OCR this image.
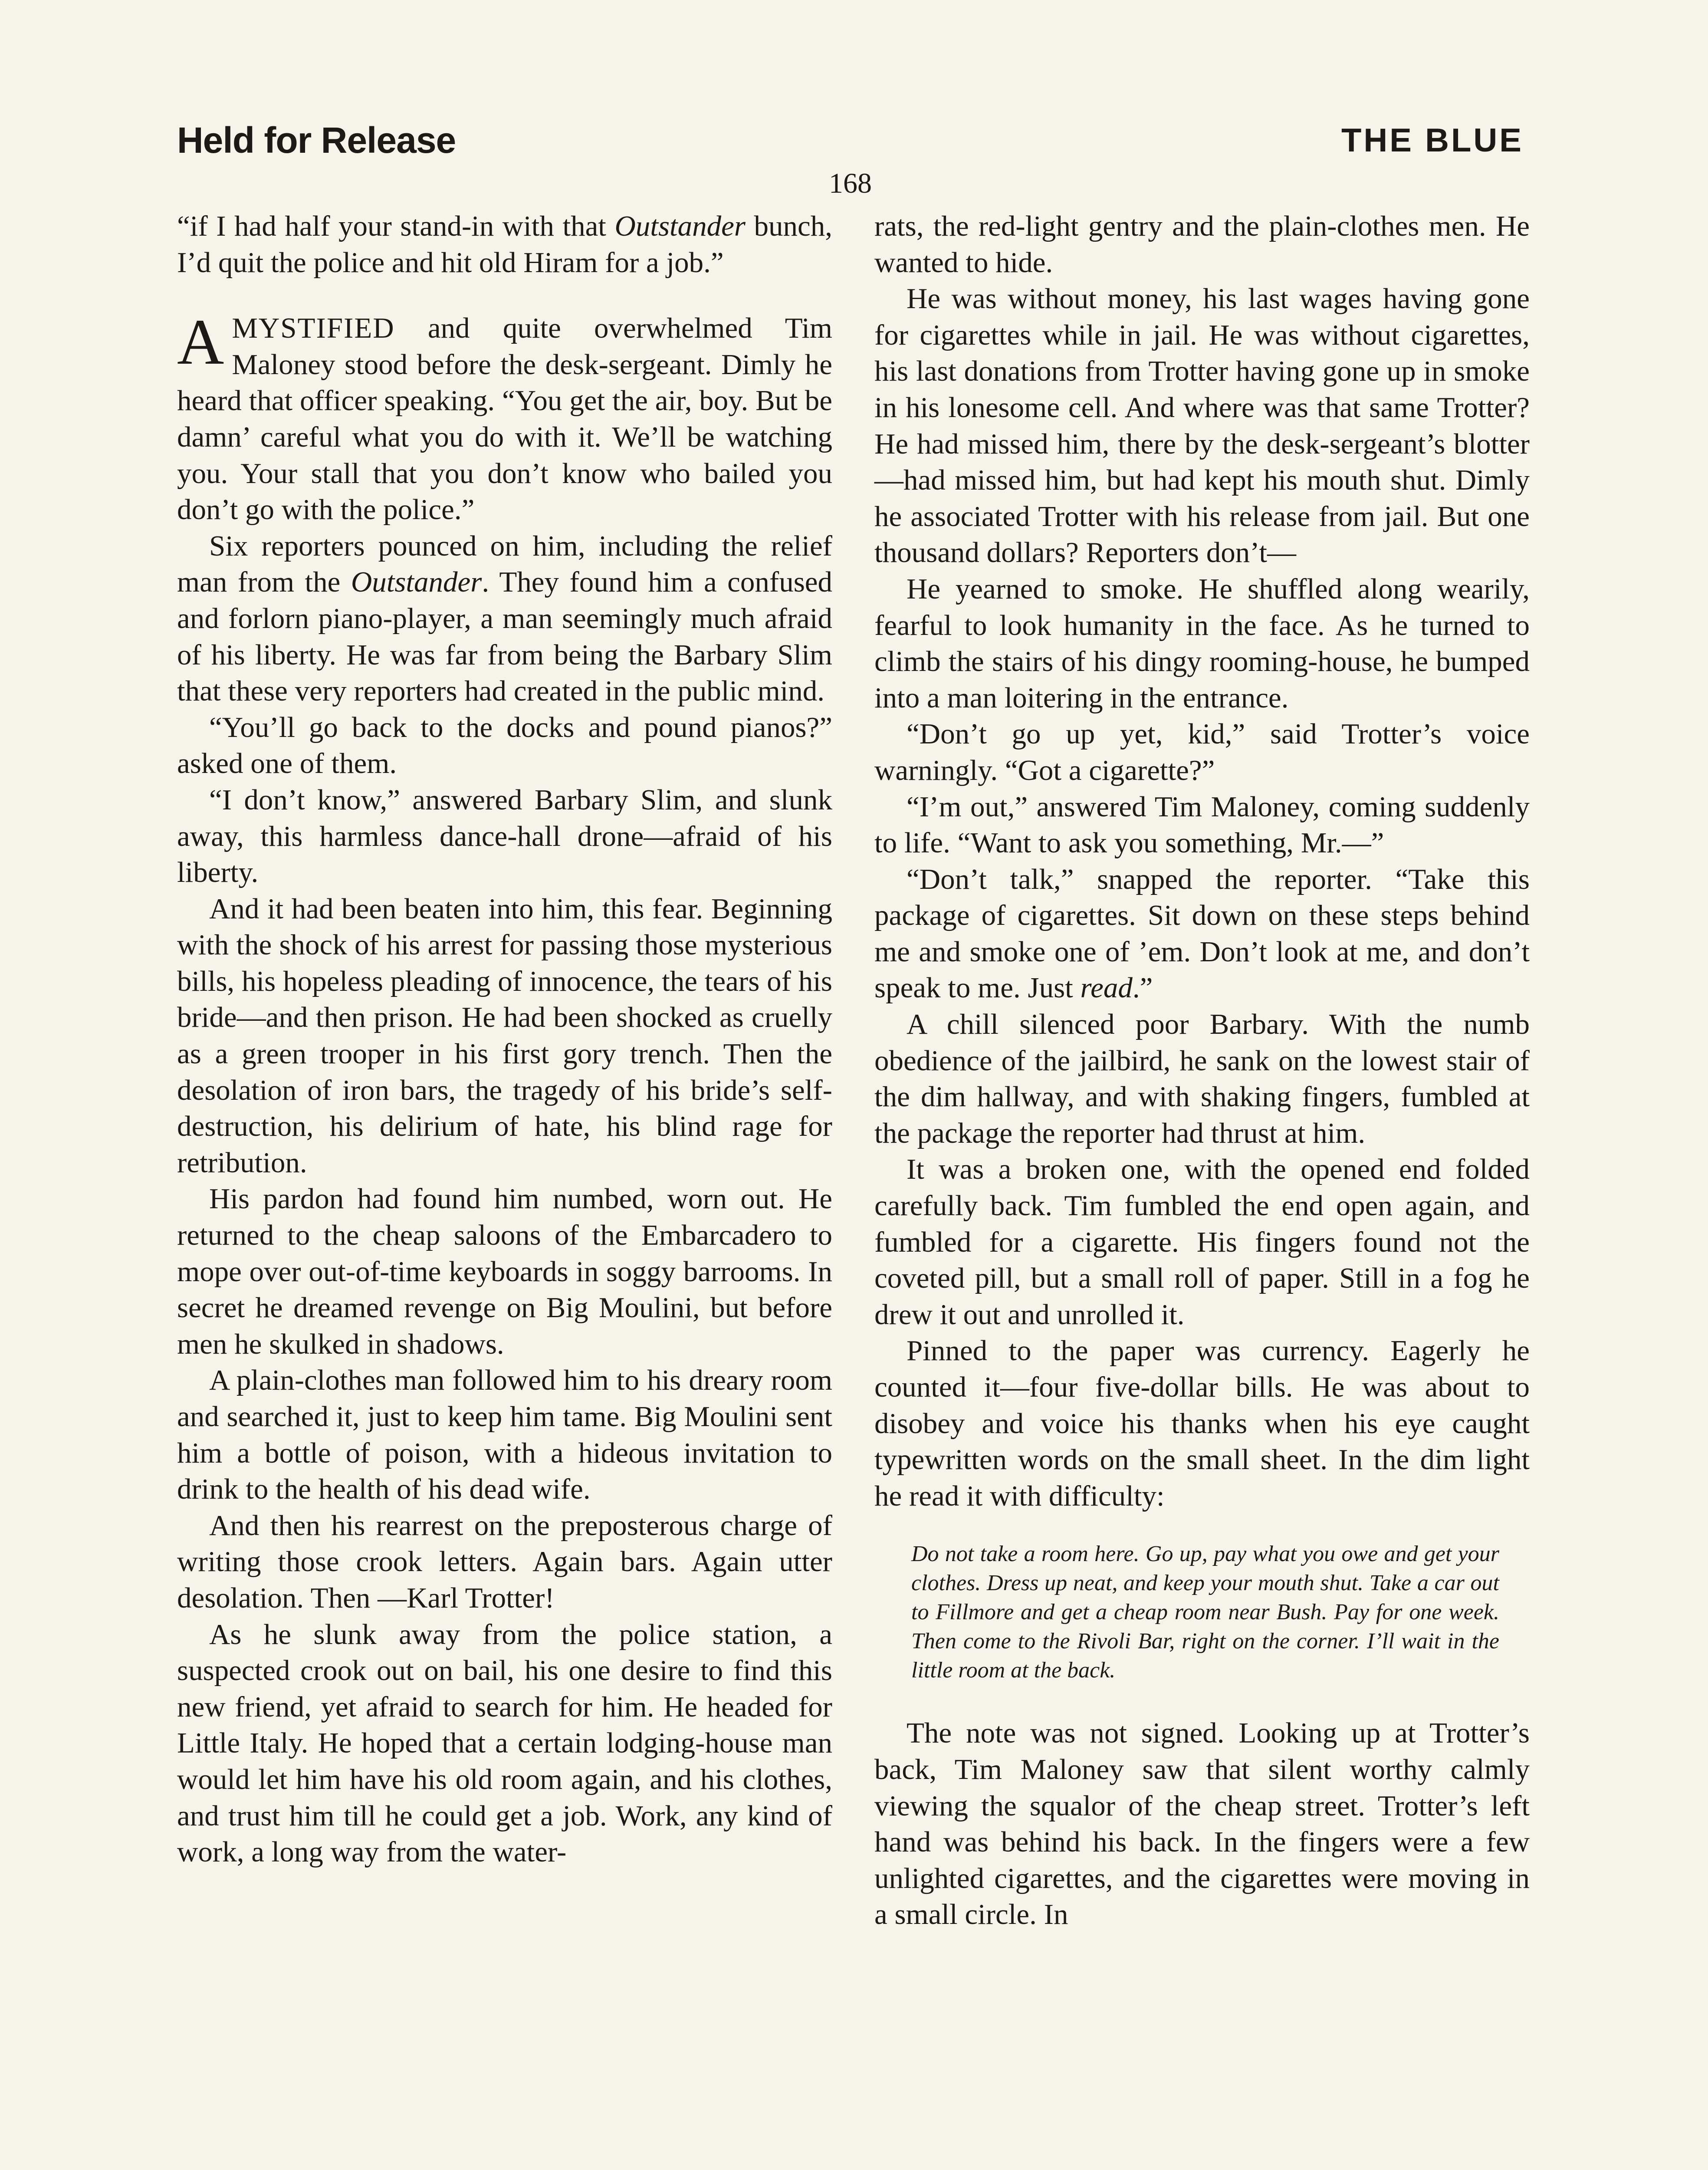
Held for Release	THE BLUE
168

“if I had half your stand-in with that Outstander bunch, I’d quit the police and hit old Hiram for a job.”

AMYSTIFIED and quite overwhelmed Tim Maloney stood before the desk-sergeant. Dimly he heard that officer speaking. “You get the air, boy. But be damn’ careful what you do with it. We’ll be watching you. Your stall that you don’t know who bailed you don’t go with the police.”

Six reporters pounced on him, including the relief man from the Outstander. They found him a confused and forlorn piano-player, a man seemingly much afraid of his liberty. He was far from being the Barbary Slim that these very reporters had created in the public mind.

“You’ll go back to the docks and pound pianos?” asked one of them.

“I don’t know,” answered Barbary Slim, and slunk away, this harmless dance-hall drone—afraid of his liberty.

And it had been beaten into him, this fear. Beginning with the shock of his arrest for passing those mysterious bills, his hopeless pleading of innocence, the tears of his bride—and then prison. He had been shocked as cruelly as a green trooper in his first gory trench. Then the desolation of iron bars, the tragedy of his bride’s self-destruction, his delirium of hate, his blind rage for retribution.

His pardon had found him numbed, worn out. He returned to the cheap saloons of the Embarcadero to mope over out-of-time keyboards in soggy barrooms. In secret he dreamed revenge on Big Moulini, but before men he skulked in shadows.

A plain-clothes man followed him to his dreary room and searched it, just to keep him tame. Big Moulini sent him a bottle of poison, with a hideous invitation to drink to the health of his dead wife.

And then his rearrest on the preposterous charge of writing those crook letters. Again bars. Again utter desolation. Then —Karl Trotter!

As he slunk away from the police station, a suspected crook out on bail, his one desire to find this new friend, yet afraid to search for him. He headed for Little Italy. He hoped that a certain lodging-house man would let him have his old room again, and his clothes, and trust him till he could get a job. Work, any kind of work, a long way from the water-

rats, the red-light gentry and the plain-clothes men. He wanted to hide.

He was without money, his last wages having gone for cigarettes while in jail. He was without cigarettes, his last donations from Trotter having gone up in smoke in his lonesome cell. And where was that same Trotter? He had missed him, there by the desk-sergeant’s blotter—had missed him, but had kept his mouth shut. Dimly he associated Trotter with his release from jail. But one thousand dollars? Reporters don’t—

He yearned to smoke. He shuffled along wearily, fearful to look humanity in the face. As he turned to climb the stairs of his dingy rooming-house, he bumped into a man loitering in the entrance.

“Don’t go up yet, kid,” said Trotter’s voice warningly. “Got a cigarette?”

“I’m out,” answered Tim Maloney, coming suddenly to life. “Want to ask you something, Mr.—”

“Don’t talk,” snapped the reporter. “Take this package of cigarettes. Sit down on these steps behind me and smoke one of ’em. Don’t look at me, and don’t speak to me. Just read.”

A chill silenced poor Barbary. With the numb obedience of the jailbird, he sank on the lowest stair of the dim hallway, and with shaking fingers, fumbled at the package the reporter had thrust at him.

It was a broken one, with the opened end folded carefully back. Tim fumbled the end open again, and fumbled for a cigarette. His fingers found not the coveted pill, but a small roll of paper. Still in a fog he drew it out and unrolled it.

Pinned to the paper was currency. Eagerly he counted it—four five-dollar bills. He was about to disobey and voice his thanks when his eye caught typewritten words on the small sheet. In the dim light he read it with difficulty:

Do not take a room here. Go up, pay what you owe and get your clothes. Dress up neat, and keep your mouth shut. Take a car out to Fillmore and get a cheap room near Bush. Pay for one week. Then come to the Rivoli Bar, right on the corner. I’ll wait in the little room at the back.

The note was not signed. Looking up at Trotter’s back, Tim Maloney saw that silent worthy calmly viewing the squalor of the cheap street. Trotter’s left hand was behind his back. In the fingers were a few unlighted cigarettes, and the cigarettes were moving in a small circle. In
